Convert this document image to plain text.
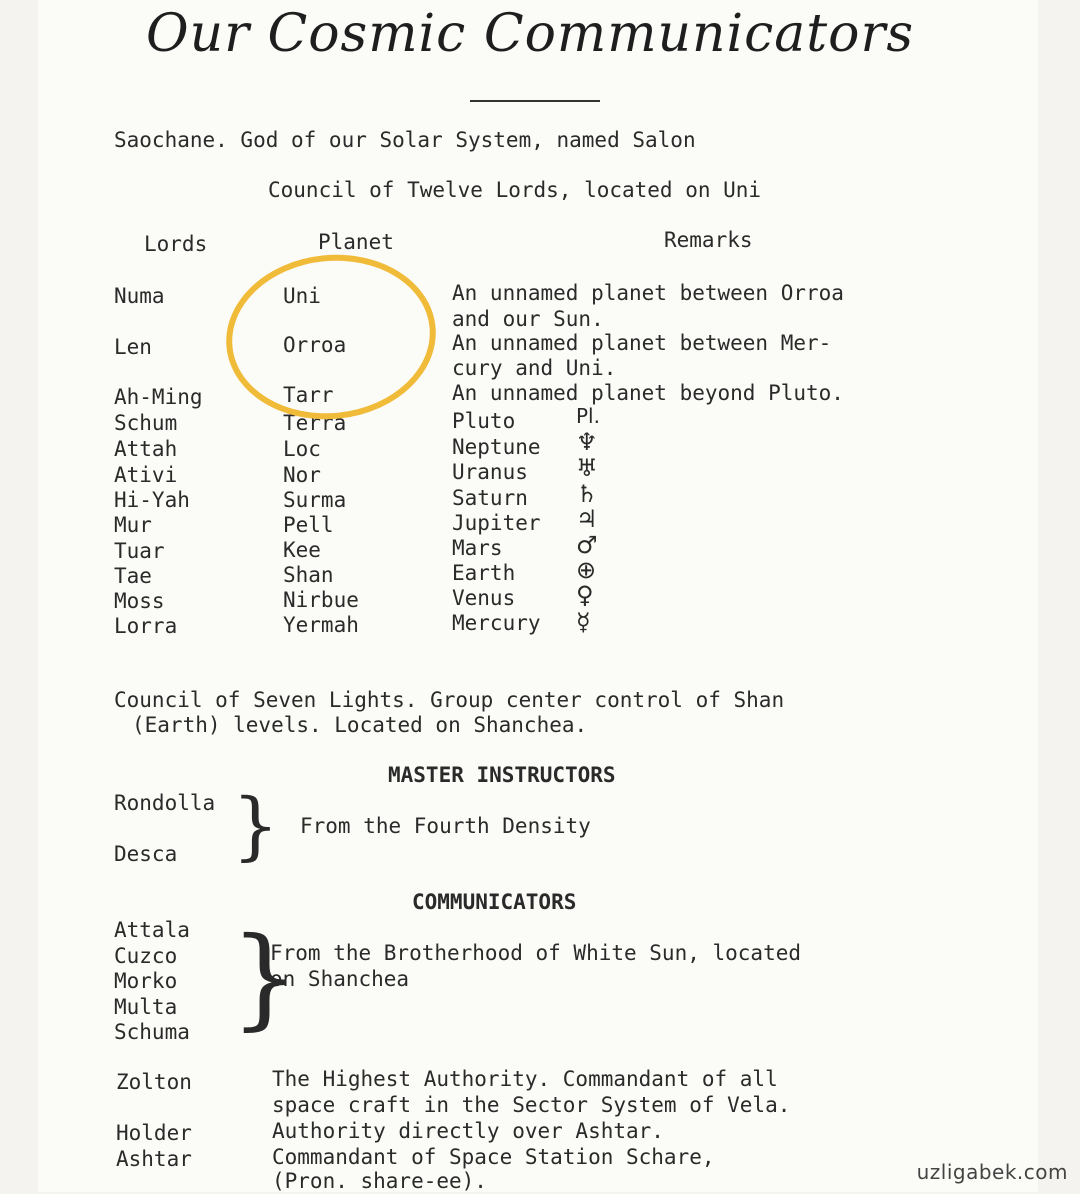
Our Cosmic Communicators
Saochane. God of our Solar System, named Salon
Council of Twelve Lords, located on Uni
Lords	Planet	Remarks
Numa	Uni	An unnamed planet between Orroa
and our Sun.
Len	Orroa	An unnamed planet between Mer-
cury and Uni.
Ah-Ming	Tarr	An unnamed planet beyond Pluto.
Schum	Terra	Pluto	Pl.
Attah	Loc	Neptune ♆
Ativi	Nor	Uranus ♅
Hi-Yah	Surma	Saturn ♄
Mur	Pell	Jupiter ♃
Tuar	Kee	Mars	♂
Tae	Shan	Earth	⊕
Moss	Nirbue	Venus	♀
Lorra	Yermah	Mercury ☿
Council of Seven Lights. Group center control of Shan
(Earth) levels. Located on Shanchea.
MASTER INSTRUCTORS
Rondolla
Desca } From the Fourth Density
COMMUNICATORS
Attala
Cuzco
Morko
Multa
Schuma }
From the Brotherhood of White Sun, located
on Shanchea
Zolton	The Highest Authority. Commandant of all
space craft in the Sector System of Vela.
Holder	Authority directly over Ashtar.
Ashtar	Commandant of Space Station Schare,
(Pron. share-ee).	uzligabek.com
